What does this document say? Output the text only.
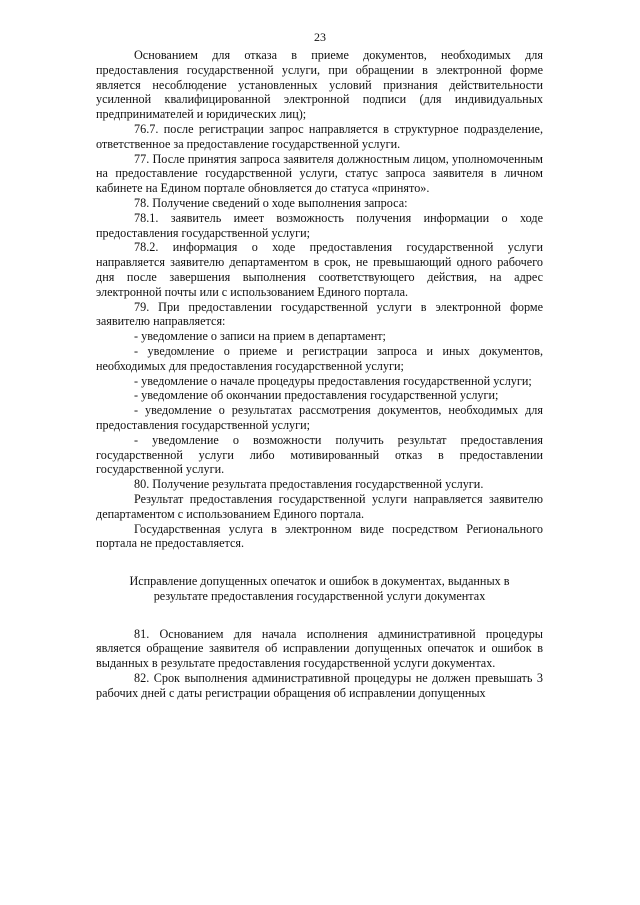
23

Основанием для отказа в приеме документов, необходимых для предоставления государственной услуги, при обращении в электронной форме является несоблюдение установленных условий признания действительности усиленной квалифицированной электронной подписи (для индивидуальных предпринимателей и юридических лиц);

76.7. после регистрации запрос направляется в структурное подразделение, ответственное за предоставление государственной услуги.

77. После принятия запроса заявителя должностным лицом, уполномоченным на предоставление государственной услуги, статус запроса заявителя в личном кабинете на Едином портале обновляется до статуса «принято».

78. Получение сведений о ходе выполнения запроса:

78.1. заявитель имеет возможность получения информации о ходе предоставления государственной услуги;

78.2. информация о ходе предоставления государственной услуги направляется заявителю департаментом в срок, не превышающий одного рабочего дня после завершения выполнения соответствующего действия, на адрес электронной почты или с использованием Единого портала.

79. При предоставлении государственной услуги в электронной форме заявителю направляется:

- уведомление о записи на прием в департамент;

- уведомление о приеме и регистрации запроса и иных документов, необходимых для предоставления государственной услуги;

- уведомление о начале процедуры предоставления государственной услуги;

- уведомление об окончании предоставления государственной услуги;

- уведомление о результатах рассмотрения документов, необходимых для предоставления государственной услуги;

- уведомление о возможности получить результат предоставления государственной услуги либо мотивированный отказ в предоставлении государственной услуги.

80. Получение результата предоставления государственной услуги.

Результат предоставления государственной услуги направляется заявителю департаментом с использованием Единого портала.

Государственная услуга в электронном виде посредством Регионального портала не предоставляется.

Исправление допущенных опечаток и ошибок в документах, выданных в результате предоставления государственной услуги документах

81. Основанием для начала исполнения административной процедуры является обращение заявителя об исправлении допущенных опечаток и ошибок в выданных в результате предоставления государственной услуги документах.

82. Срок выполнения административной процедуры не должен превышать 3 рабочих дней с даты регистрации обращения об исправлении допущенных
